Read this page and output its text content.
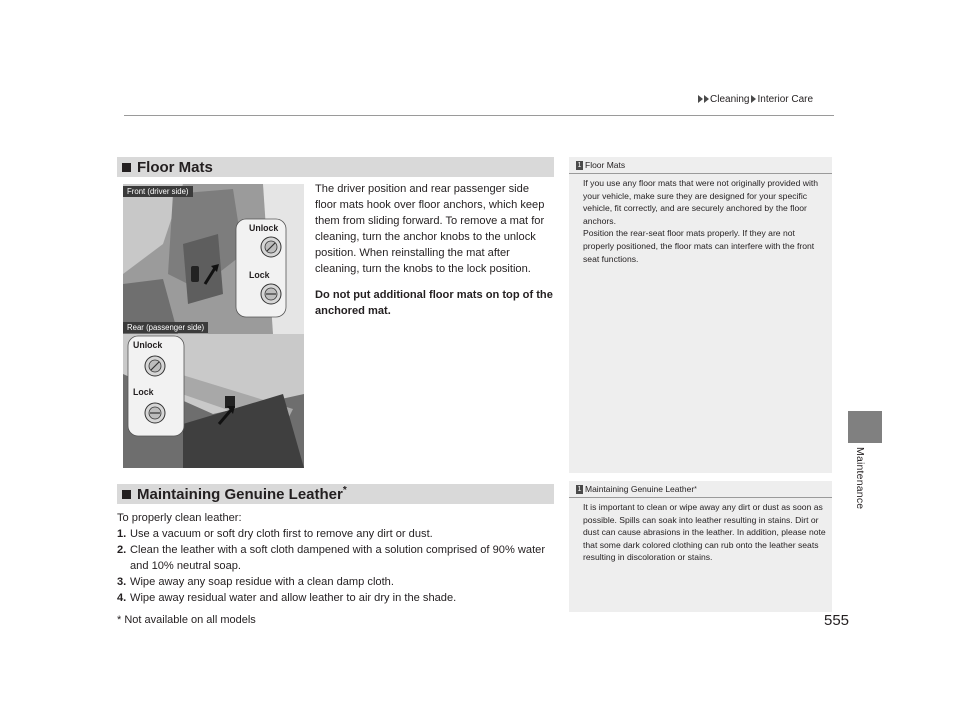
Cleaning Interior Care
Maintenance
Floor Mats	1 Floor Mats

If you use any floor mats that were not originally provided with your vehicle, make sure they are designed for your specific vehicle, fit correctly, and are securely anchored by the floor anchors.

Position the rear-seat floor mats properly. If they are not properly positioned, the floor mats can interfere with the front seat functions.

Front (driver side)
Rear (passenger side)
Unlock
Lock
Unlock
Lock

The driver position and rear passenger side floor mats hook over floor anchors, which keep them from sliding forward. To remove a mat for cleaning, turn the anchor knobs to the unlock position. When reinstalling the mat after cleaning, turn the knobs to the lock position.

Do not put additional floor mats on top of the anchored mat.

Maintaining Genuine Leather*	1 Maintaining Genuine Leather *

It is important to clean or wipe away any dirt or dust as soon as possible. Spills can soak into leather resulting in stains. Dirt or dust can cause abrasions in the leather. In addition, please note that some dark colored clothing can rub onto the leather seats resulting in discoloration or stains.

To properly clean leather:

1. Use a vacuum or soft dry cloth first to remove any dirt or dust.
2. Clean the leather with a soft cloth dampened with a solution comprised of 90% water and 10% neutral soap.
3. Wipe away any soap residue with a clean damp cloth.
4. Wipe away residual water and allow leather to air dry in the shade.
* Not available on all models	555
